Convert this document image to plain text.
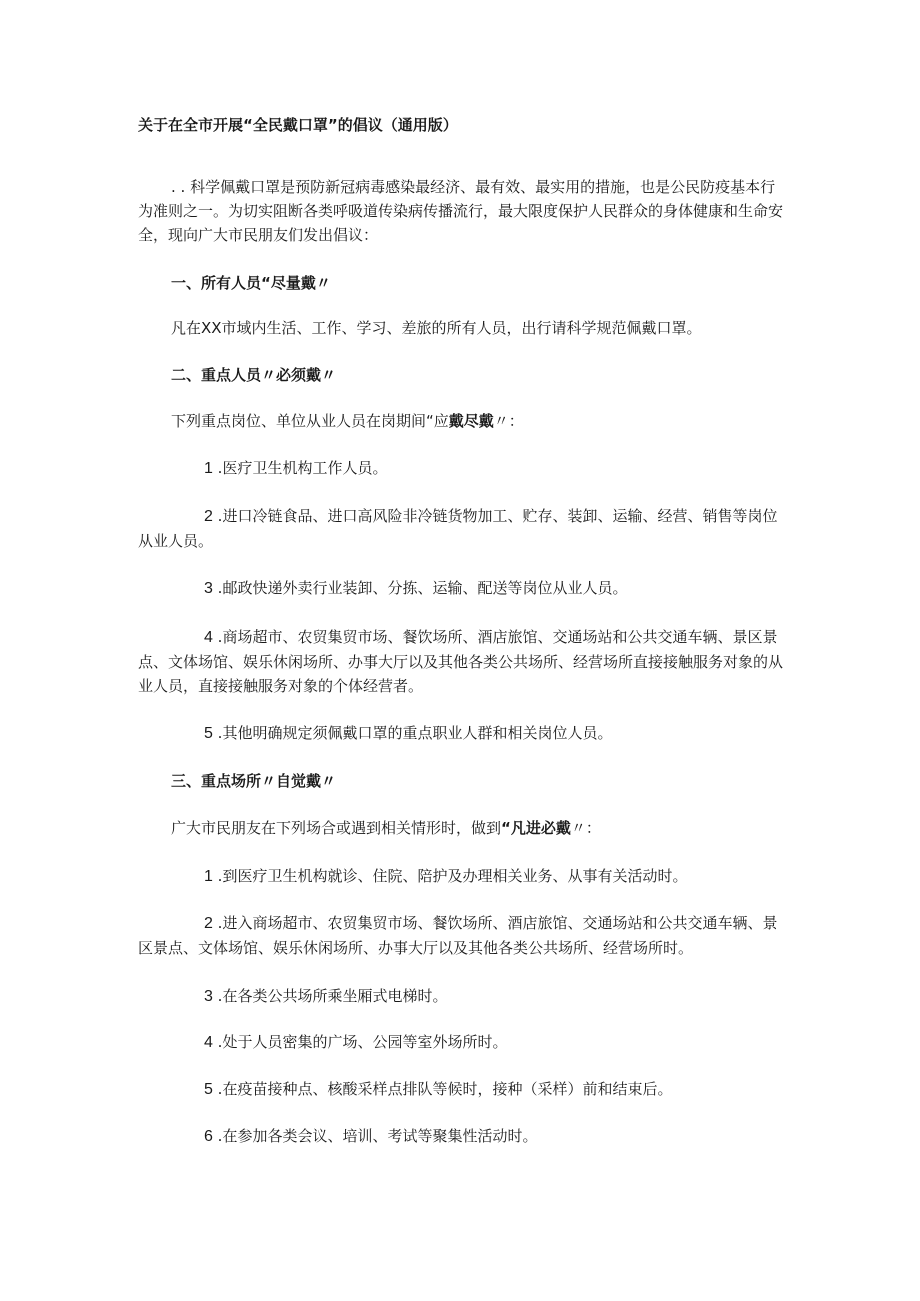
关于在全市开展“全民戴口罩”的倡议（通用版）

. . 科学佩戴口罩是预防新冠病毒感染最经济、最有效、最实用的措施，也是公民防疫基本行为准则之一。为切实阻断各类呼吸道传染病传播流行，最大限度保护人民群众的身体健康和生命安全，现向广大市民朋友们发出倡议：

一、所有人员“尽量戴〃

凡在XX市域内生活、工作、学习、差旅的所有人员，出行请科学规范佩戴口罩。

二、重点人员〃必须戴〃

下列重点岗位、单位从业人员在岗期间“应戴尽戴〃：

1 .医疗卫生机构工作人员。

2 .进口冷链食品、进口高风险非冷链货物加工、贮存、装卸、运输、经营、销售等岗位从业人员。

3 .邮政快递外卖行业装卸、分拣、运输、配送等岗位从业人员。

4 .商场超市、农贸集贸市场、餐饮场所、酒店旅馆、交通场站和公共交通车辆、景区景点、文体场馆、娱乐休闲场所、办事大厅以及其他各类公共场所、经营场所直接接触服务对象的从业人员，直接接触服务对象的个体经营者。

5 .其他明确规定须佩戴口罩的重点职业人群和相关岗位人员。

三、重点场所〃自觉戴〃

广大市民朋友在下列场合或遇到相关情形时，做到“凡进必戴〃：

1 .到医疗卫生机构就诊、住院、陪护及办理相关业务、从事有关活动时。

2 .进入商场超市、农贸集贸市场、餐饮场所、酒店旅馆、交通场站和公共交通车辆、景区景点、文体场馆、娱乐休闲场所、办事大厅以及其他各类公共场所、经营场所时。

3 .在各类公共场所乘坐厢式电梯时。

4 .处于人员密集的广场、公园等室外场所时。

5 .在疫苗接种点、核酸采样点排队等候时，接种（采样）前和结束后。

6 .在参加各类会议、培训、考试等聚集性活动时。
